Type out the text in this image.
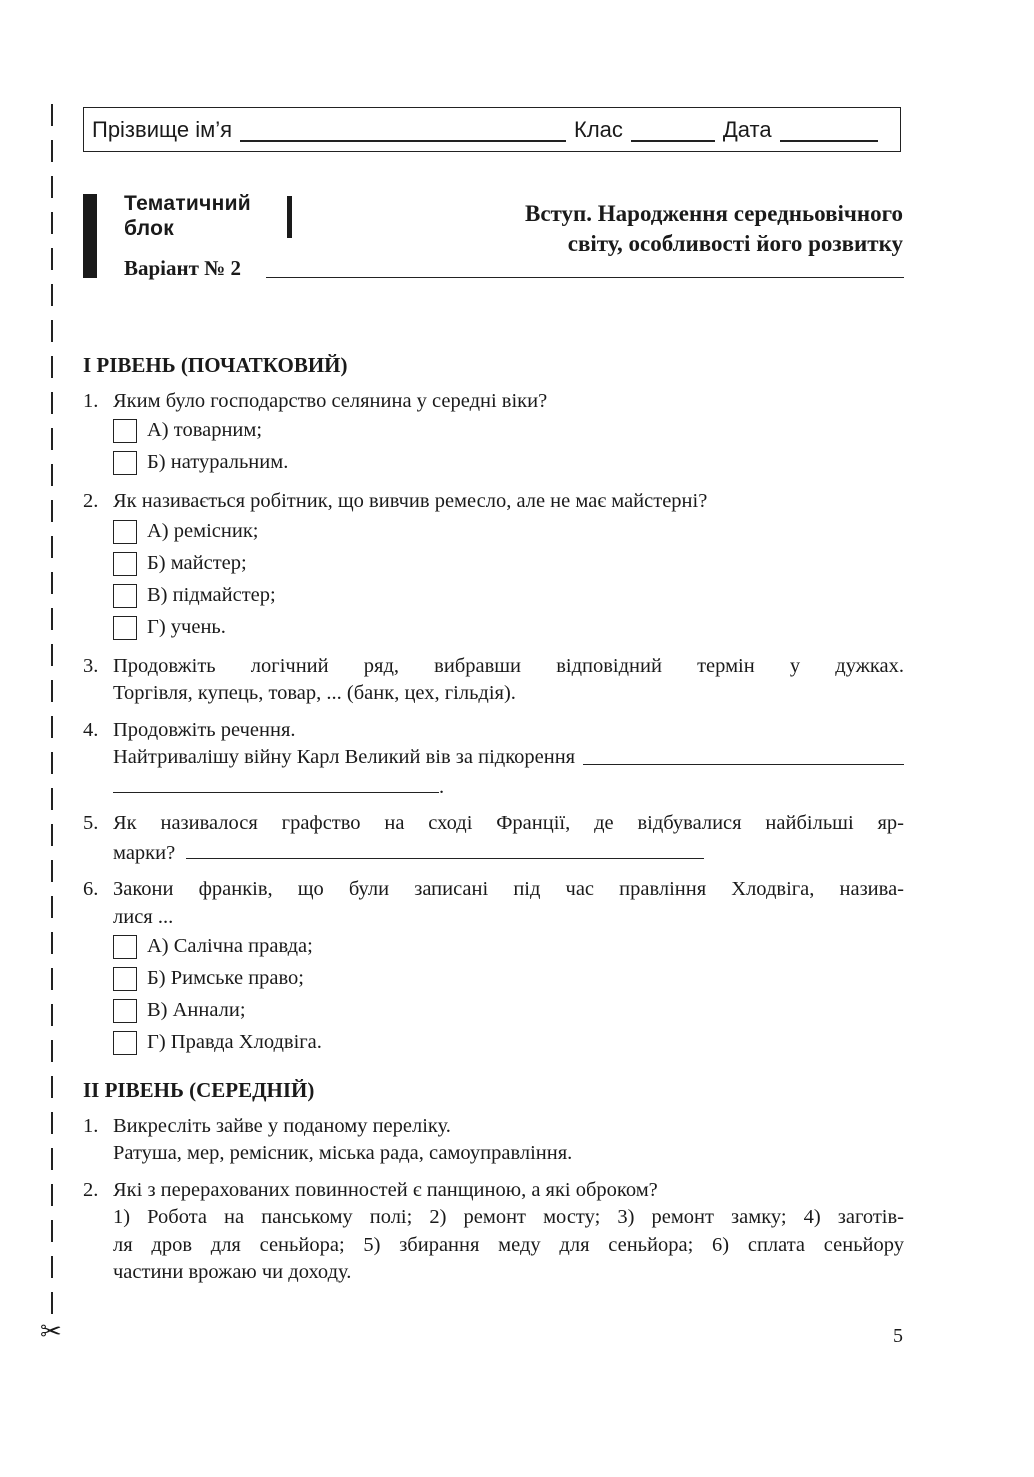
✂
Прізвище ім’я	Клас	Дата
Тематичний
блок
Варіант № 2
Вступ. Народження середньовічного
світу, особливості його розвитку
І РІВЕНЬ (ПОЧАТКОВИЙ)
1. Яким було господарство селянина у середні віки?
А) товарним;
Б) натуральним.
2. Як називається робітник, що вивчив ремесло, але не має майстерні?
А) ремісник;
Б) майстер;
В) підмайстер;
Г) учень.
3. Продовжіть логічний ряд, вибравши відповідний термін у дужках.
Торгівля, купець, товар, ... (банк, цех, гільдія).
4. Продовжіть речення.
Найтривалішу війну Карл Великий вів за підкорення
.
5. Як називалося графство на сході Франції, де відбувалися найбільші яр-
марки?
6. Закони франків, що були записані під час правління Хлодвіга, назива-
лися ...
А) Салічна правда;
Б) Римське право;
В) Аннали;
Г) Правда Хлодвіга.
ІІ РІВЕНЬ (СЕРЕДНІЙ)
1. Викресліть зайве у поданому переліку.
Ратуша, мер, ремісник, міська рада, самоуправління.
2. Які з перерахованих повинностей є панщиною, а які оброком?
1) Робота на панському полі; 2) ремонт мосту; 3) ремонт замку; 4) заготів-
ля дров для сеньйора; 5) збирання меду для сеньйора; 6) сплата сеньйору
частини врожаю чи доходу.
5
